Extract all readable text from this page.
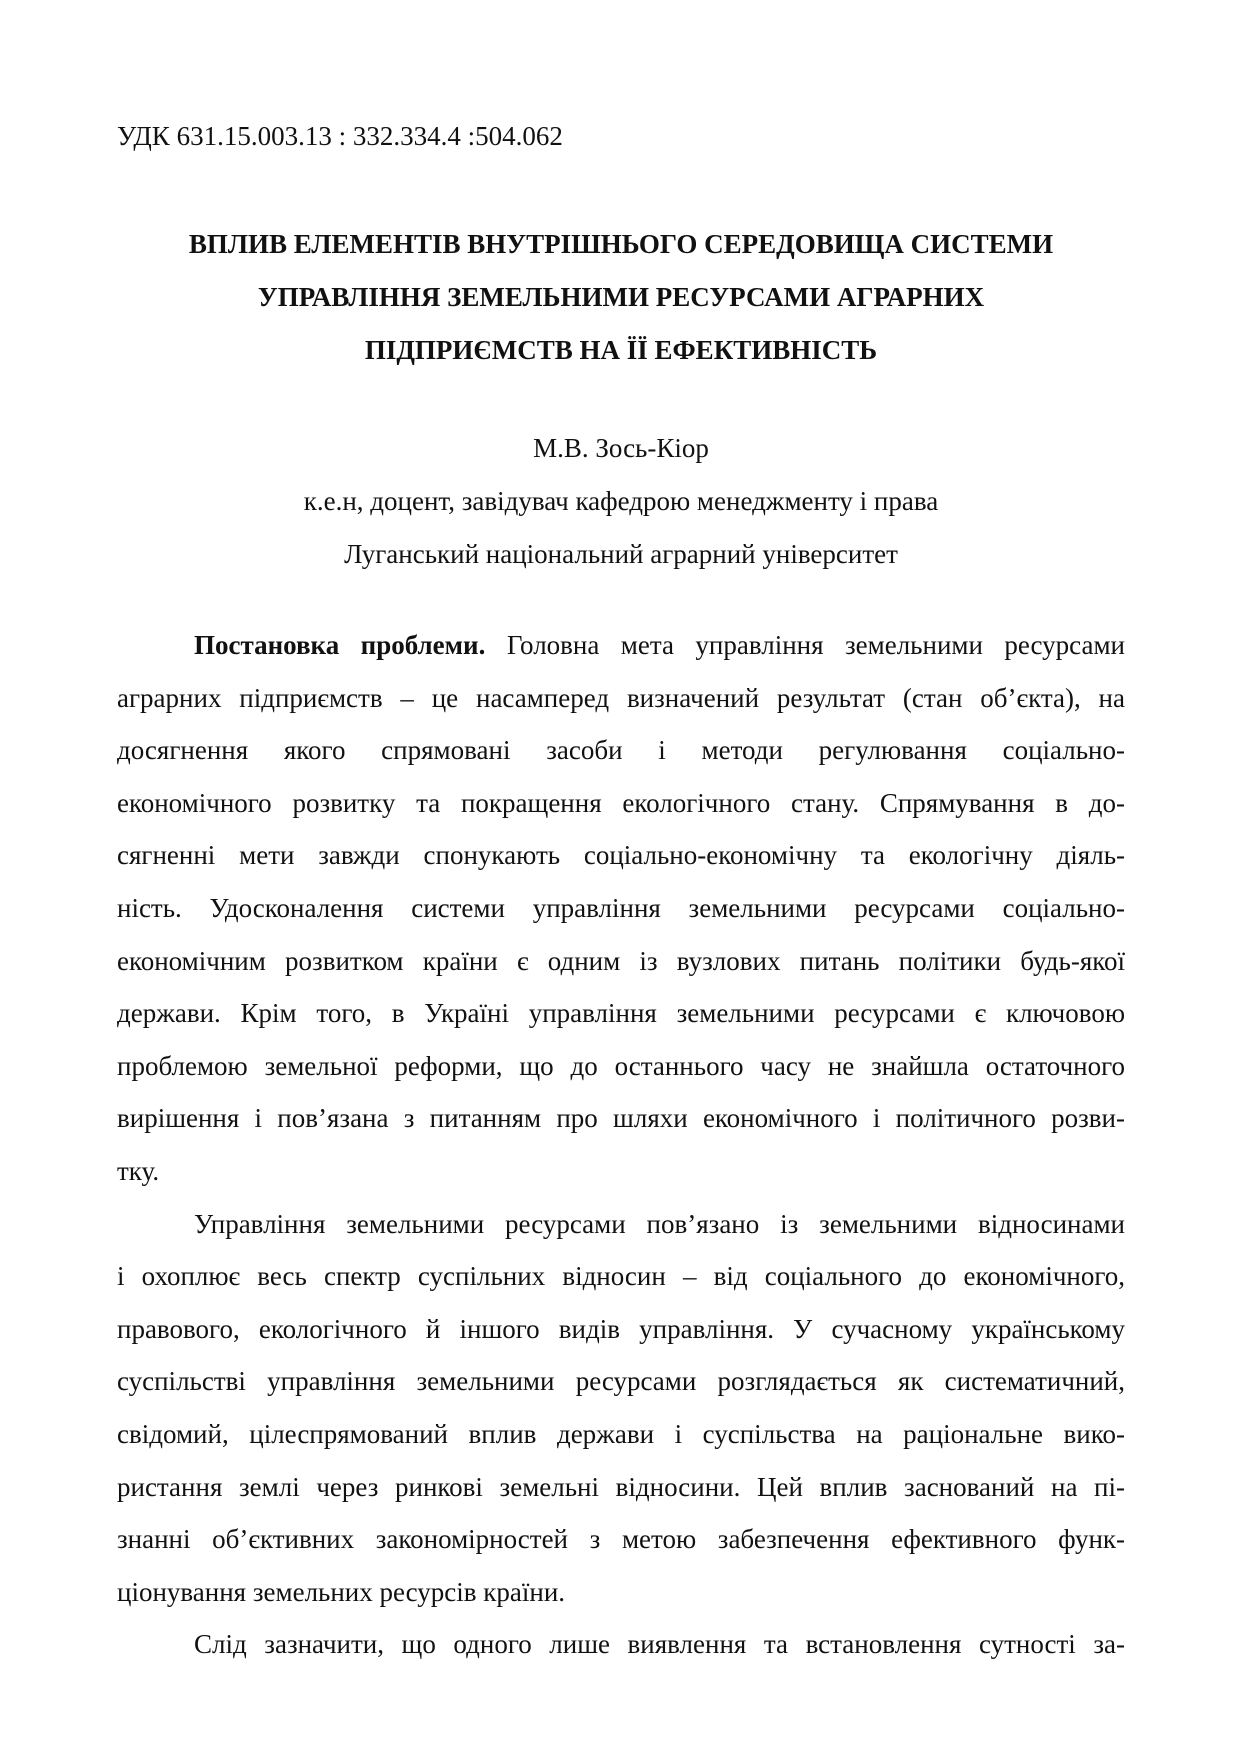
УДК 631.15.003.13 : 332.334.4 :504.062
ВПЛИВ ЕЛЕМЕНТІВ ВНУТРІШНЬОГО СЕРЕДОВИЩА СИСТЕМИ
УПРАВЛІННЯ ЗЕМЕЛЬНИМИ РЕСУРСАМИ АГРАРНИХ
ПІДПРИЄМСТВ НА ЇЇ ЕФЕКТИВНІСТЬ
М.В. Зось-Кіор
к.е.н, доцент, завідувач кафедрою менеджменту і права
Луганський національний аграрний університет
Постановка проблеми. Головна мета управління земельними ресурсами
аграрних підприємств – це насамперед визначений результат (стан об’єкта), на
досягнення якого спрямовані засоби і методи регулювання соціально-
економічного розвитку та покращення екологічного стану. Спрямування в до-
сягненні мети завжди спонукають соціально-економічну та екологічну діяль-
ність. Удосконалення системи управління земельними ресурсами соціально-
економічним розвитком країни є одним із вузлових питань політики будь-якої
держави. Крім того, в Україні управління земельними ресурсами є ключовою
проблемою земельної реформи, що до останнього часу не знайшла остаточного
вирішення і пов’язана з питанням про шляхи економічного і політичного розви-
тку.
Управління земельними ресурсами пов’язано із земельними відносинами
і охоплює весь спектр суспільних відносин – від соціального до економічного,
правового, екологічного й іншого видів управління. У сучасному українському
суспільстві управління земельними ресурсами розглядається як систематичний,
свідомий, цілеспрямований вплив держави і суспільства на раціональне вико-
ристання землі через ринкові земельні відносини. Цей вплив заснований на пі-
знанні об’єктивних закономірностей з метою забезпечення ефективного функ-
ціонування земельних ресурсів країни.
Слід зазначити, що одного лише виявлення та встановлення сутності за-
